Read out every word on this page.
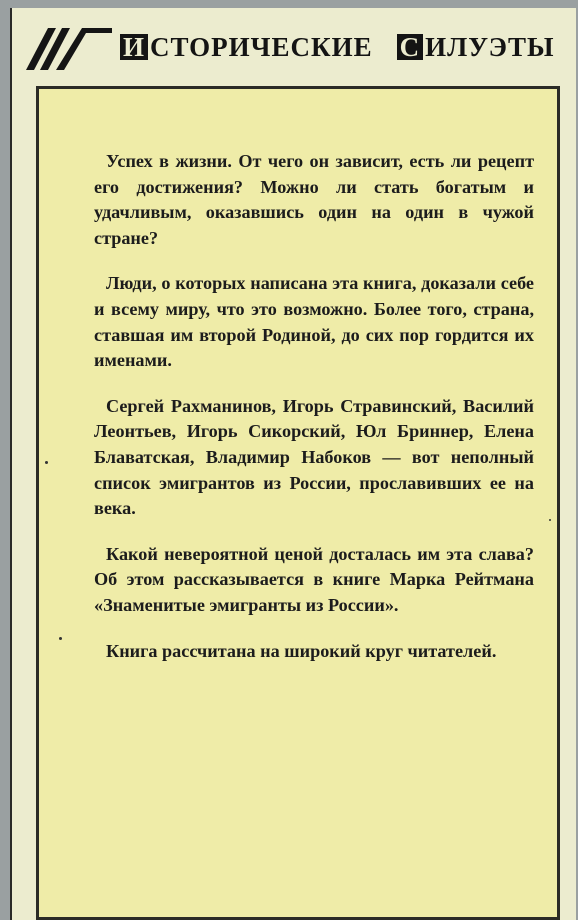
И СТОРИЧЕСКИЕ С ИЛУЭТЫ

Успех в жизни. От чего он зависит, есть ли рецепт его достижения? Можно ли стать богатым и удачливым, оказавшись один на один в чужой стране?

Люди, о которых написана эта книга, доказали себе и всему миру, что это возможно. Более того, страна, ставшая им второй Родиной, до сих пор гордится их именами.

Сергей Рахманинов, Игорь Стравинский, Василий Леонтьев, Игорь Сикорский, Юл Бриннер, Елена Блаватская, Владимир Набоков — вот неполный список эмигрантов из России, прославивших ее на века.

Какой невероятной ценой досталась им эта слава? Об этом рассказывается в книге Марка Рейтмана «Знаменитые эмигранты из России».

Книга рассчитана на широкий круг читателей.
